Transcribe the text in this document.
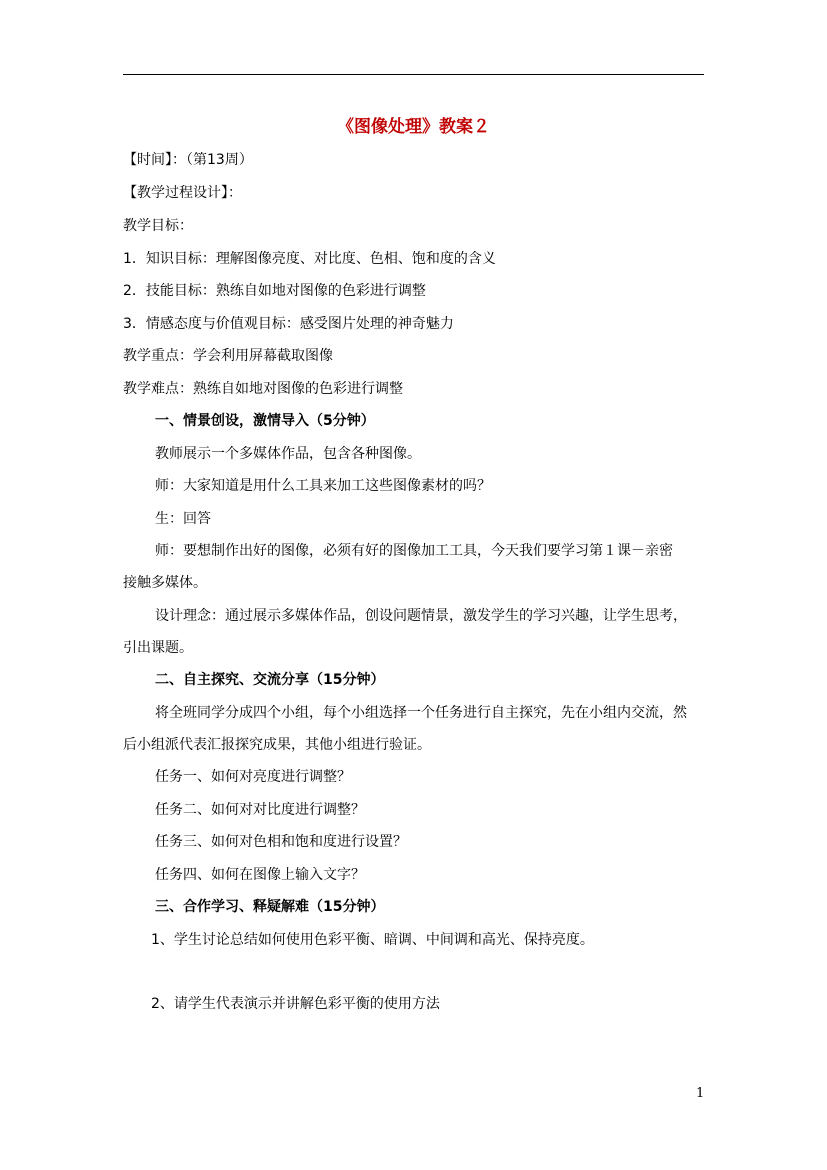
《图像处理》教案２
【时间】：（第13周）
【教学过程设计】：
教学目标：
1．知识目标：理解图像亮度、对比度、色相、饱和度的含义
2．技能目标：熟练自如地对图像的色彩进行调整
3．情感态度与价值观目标：感受图片处理的神奇魅力
教学重点：学会利用屏幕截取图像
教学难点：熟练自如地对图像的色彩进行调整
一、情景创设，激情导入（5分钟）
教师展示一个多媒体作品，包含各种图像。
师：大家知道是用什么工具来加工这些图像素材的吗？
生：回答
师：要想制作出好的图像，必须有好的图像加工工具，今天我们要学习第１课－亲密
接触多媒体。
设计理念：通过展示多媒体作品，创设问题情景，激发学生的学习兴趣，让学生思考，
引出课题。
二、自主探究、交流分享（15分钟）
将全班同学分成四个小组，每个小组选择一个任务进行自主探究，先在小组内交流，然
后小组派代表汇报探究成果，其他小组进行验证。
任务一、如何对亮度进行调整？
任务二、如何对对比度进行调整？
任务三、如何对色相和饱和度进行设置？
任务四、如何在图像上输入文字？
三、合作学习、释疑解难（15分钟）
1、学生讨论总结如何使用色彩平衡、暗调、中间调和高光、保持亮度。
2、请学生代表演示并讲解色彩平衡的使用方法
1
